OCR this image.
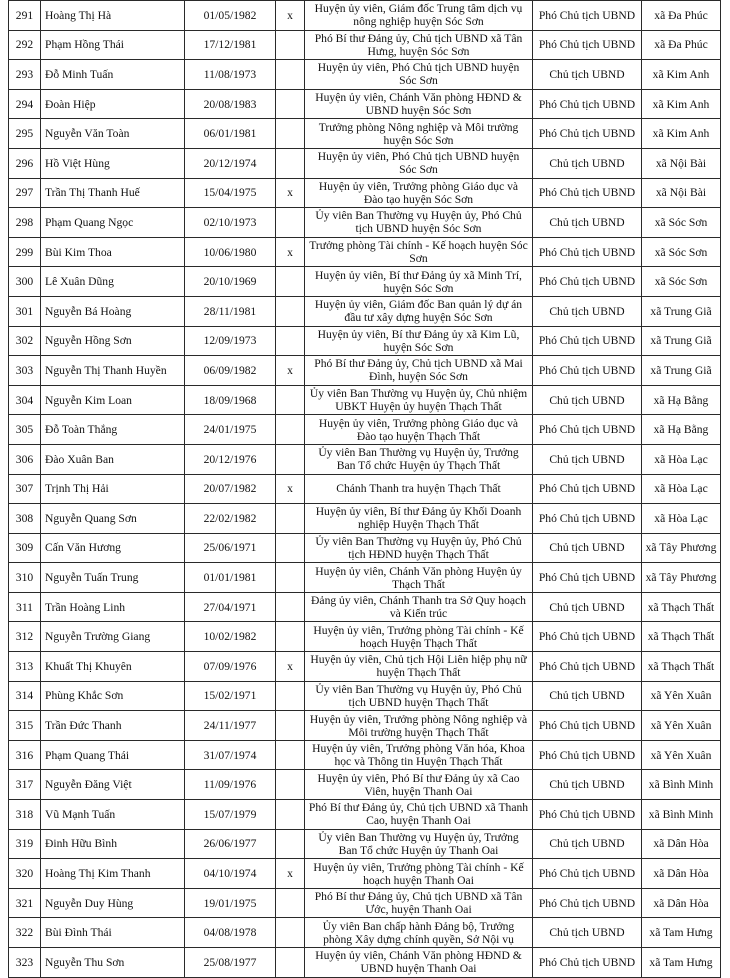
291	Hoàng Thị Hà	01/05/1982	x	Huyện ủy viên, Giám đốc Trung tâm dịch vụ nông nghiệp huyện Sóc Sơn	Phó Chủ tịch UBND	xã Đa Phúc
292	Phạm Hồng Thái	17/12/1981		Phó Bí thư Đảng ủy, Chủ tịch UBND xã Tân Hưng, huyện Sóc Sơn	Phó Chủ tịch UBND	xã Đa Phúc
293	Đỗ Minh Tuấn	11/08/1973		Huyện ủy viên, Phó Chủ tịch UBND huyện Sóc Sơn	Chủ tịch UBND	xã Kim Anh
294	Đoàn Hiệp	20/08/1983		Huyện ủy viên, Chánh Văn phòng HĐND & UBND huyện Sóc Sơn	Phó Chủ tịch UBND	xã Kim Anh
295	Nguyễn Văn Toàn	06/01/1981		Trưởng phòng Nông nghiệp và Môi trường huyện Sóc Sơn	Phó Chủ tịch UBND	xã Kim Anh
296	Hồ Việt Hùng	20/12/1974		Huyện ủy viên, Phó Chủ tịch UBND huyện Sóc Sơn	Chủ tịch UBND	xã Nội Bài
297	Trần Thị Thanh Huế	15/04/1975	x	Huyện ủy viên, Trưởng phòng Giáo dục và Đào tạo huyện Sóc Sơn	Phó Chủ tịch UBND	xã Nội Bài
298	Phạm Quang Ngọc	02/10/1973		Ủy viên Ban Thường vụ Huyện ủy, Phó Chủ tịch UBND huyện Sóc Sơn	Chủ tịch UBND	xã Sóc Sơn
299	Bùi Kim Thoa	10/06/1980	x	Trưởng phòng Tài chính - Kế hoạch huyện Sóc Sơn	Phó Chủ tịch UBND	xã Sóc Sơn
300	Lê Xuân Dũng	20/10/1969		Huyện ủy viên, Bí thư Đảng ủy xã Minh Trí, huyện Sóc Sơn	Phó Chủ tịch UBND	xã Sóc Sơn
301	Nguyễn Bá Hoàng	28/11/1981		Huyện ủy viên, Giám đốc Ban quản lý dự án đầu tư xây dựng huyện Sóc Sơn	Chủ tịch UBND	xã Trung Giã
302	Nguyễn Hồng Sơn	12/09/1973		Huyện ủy viên, Bí thư Đảng ủy xã Kim Lũ, huyện Sóc Sơn	Phó Chủ tịch UBND	xã Trung Giã
303	Nguyễn Thị Thanh Huyền	06/09/1982	x	Phó Bí thư Đảng ủy, Chủ tịch UBND xã Mai Đình, huyện Sóc Sơn	Phó Chủ tịch UBND	xã Trung Giã
304	Nguyễn Kim Loan	18/09/1968		Ủy viên Ban Thường vụ Huyện ủy, Chủ nhiệm UBKT Huyện ủy huyện Thạch Thất	Chủ tịch UBND	xã Hạ Bằng
305	Đỗ Toàn Thắng	24/01/1975		Huyện ủy viên, Trưởng phòng Giáo dục và Đào tạo huyện Thạch Thất	Phó Chủ tịch UBND	xã Hạ Bằng
306	Đào Xuân Ban	20/12/1976		Ủy viên Ban Thường vụ Huyện ủy, Trưởng Ban Tổ chức Huyện ủy Thạch Thất	Chủ tịch UBND	xã Hòa Lạc
307	Trịnh Thị Hải	20/07/1982	x	Chánh Thanh tra huyện Thạch Thất	Phó Chủ tịch UBND	xã Hòa Lạc
308	Nguyễn Quang Sơn	22/02/1982		Huyện ủy viên, Bí thư Đảng ủy Khối Doanh nghiệp Huyện Thạch Thất	Phó Chủ tịch UBND	xã Hòa Lạc
309	Cấn Văn Hương	25/06/1971		Ủy viên Ban Thường vụ Huyện ủy, Phó Chủ tịch HĐND huyện Thạch Thất	Chủ tịch UBND	xã Tây Phương
310	Nguyễn Tuấn Trung	01/01/1981		Huyện ủy viên, Chánh Văn phòng Huyện ủy Thạch Thất	Phó Chủ tịch UBND	xã Tây Phương
311	Trần Hoàng Linh	27/04/1971		Đảng ủy viên, Chánh Thanh tra Sở Quy hoạch và Kiến trúc	Chủ tịch UBND	xã Thạch Thất
312	Nguyễn Trường Giang	10/02/1982		Huyện ủy viên, Trưởng phòng Tài chính - Kế hoạch Huyện Thạch Thất	Phó Chủ tịch UBND	xã Thạch Thất
313	Khuất Thị Khuyên	07/09/1976	x	Huyện ủy viên, Chủ tịch Hội Liên hiệp phụ nữ huyện Thạch Thất	Phó Chủ tịch UBND	xã Thạch Thất
314	Phùng Khắc Sơn	15/02/1971		Ủy viên Ban Thường vụ Huyện ủy, Phó Chủ tịch UBND huyện Thạch Thất	Chủ tịch UBND	xã Yên Xuân
315	Trần Đức Thanh	24/11/1977		Huyện ủy viên, Trưởng phòng Nông nghiệp và Môi trường huyện Thạch Thất	Phó Chủ tịch UBND	xã Yên Xuân
316	Phạm Quang Thái	31/07/1974		Huyện ủy viên, Trưởng phòng Văn hóa, Khoa học và Thông tin Huyện Thạch Thất	Phó Chủ tịch UBND	xã Yên Xuân
317	Nguyễn Đăng Việt	11/09/1976		Huyện ủy viên, Phó Bí thư Đảng ủy xã Cao Viên, huyện Thanh Oai	Chủ tịch UBND	xã Bình Minh
318	Vũ Mạnh Tuấn	15/07/1979		Phó Bí thư Đảng ủy, Chủ tịch UBND xã Thanh Cao, huyện Thanh Oai	Phó Chủ tịch UBND	xã Bình Minh
319	Đinh Hữu Bình	26/06/1977		Ủy viên Ban Thường vụ Huyện ủy, Trưởng Ban Tổ chức Huyện ủy Thanh Oai	Chủ tịch UBND	xã Dân Hòa
320	Hoàng Thị Kim Thanh	04/10/1974	x	Huyện ủy viên, Trưởng phòng Tài chính - Kế hoạch huyện Thanh Oai	Phó Chủ tịch UBND	xã Dân Hòa
321	Nguyễn Duy Hùng	19/01/1975		Phó Bí thư Đảng ủy, Chủ tịch UBND xã Tân Ước, huyện Thanh Oai	Phó Chủ tịch UBND	xã Dân Hòa
322	Bùi Đình Thái	04/08/1978		Ủy viên Ban chấp hành Đảng bộ, Trưởng phòng Xây dựng chính quyền, Sở Nội vụ	Chủ tịch UBND	xã Tam Hưng
323	Nguyễn Thu Sơn	25/08/1977		Huyện ủy viên, Chánh Văn phòng HĐND & UBND huyện Thanh Oai	Phó Chủ tịch UBND	xã Tam Hưng
